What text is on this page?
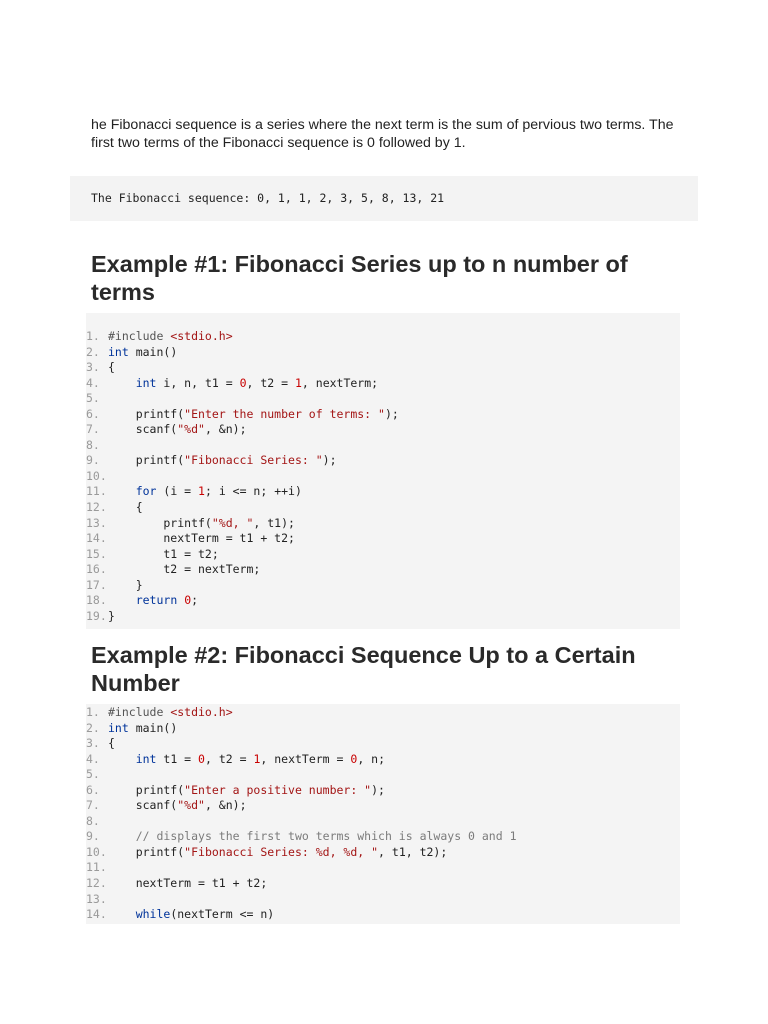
he Fibonacci sequence is a series where the next term is the sum of pervious two terms. The first two terms of the Fibonacci sequence is 0 followed by 1.

The Fibonacci sequence: 0, 1, 1, 2, 3, 5, 8, 13, 21
Example #1: Fibonacci Series up to n number of terms
1. #include <stdio.h>
2. int main()
3. {
4.	int i, n, t1 = 0, t2 = 1, nextTerm;
5.
6.    printf("Enter the number of terms: ");
7.    scanf("%d", &n);
8.
9.    printf("Fibonacci Series: ");
10.
11.	for (i = 1; i <= n; ++i)
12.    {
13.        printf("%d, ", t1);
14.        nextTerm = t1 + t2;
15.        t1 = t2;
16.        t2 = nextTerm;
17.    }
18.	return 0;
19.}
Example #2: Fibonacci Sequence Up to a Certain Number
1. #include <stdio.h>
2. int main()
3. {
4.	int t1 = 0, t2 = 1, nextTerm = 0, n;
5.
6.    printf("Enter a positive number: ");
7.    scanf("%d", &n);
8.
9.	// displays the first two terms which is always 0 and 1
10.    printf("Fibonacci Series: %d, %d, ", t1, t2);
11.
12.    nextTerm = t1 + t2;
13.
14.	while(nextTerm <= n)
